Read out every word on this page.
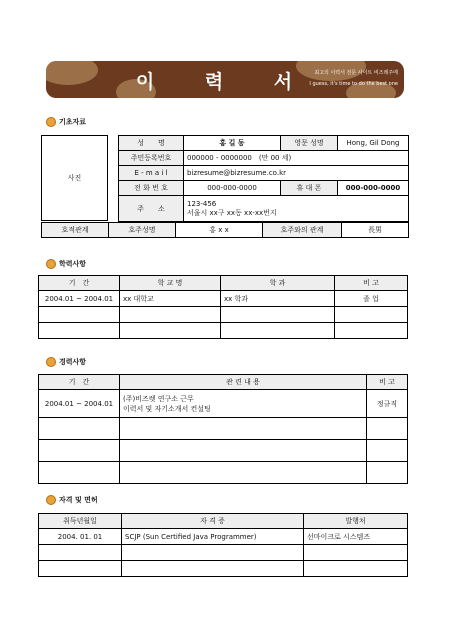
이 력 서 최고의 이력서 전문 사이트 비즈레주메
I guess, it's time to do the best one
기초자료
사진
성　　명	홍 길 동	영문 성명	Hong, Gil Dong
주민등록번호	000000 - 0000000　(만 00 세)		
E - m a i l	bizresume@bizresume.co.kr		
전 화 번 호	000-000-0000	휴 대 폰	000-000-0000
주　　소	123-456
서울시 xx구 xx동 xx-xx번지		
호적관계	호주성명	홍 x x	호주와의 관계	長男
학력사항
기　간	학 교 명	학 과	비 고
2004.01 ~ 2004.01	xx 대학교	xx 학과	졸 업

경력사항
기　간	관 련 내 용	비 고
2004.01 ~ 2004.01	(주)비즈렛 연구소 근무
이력서 및 자기소개서 컨설팅	정규직

자격 및 면허
취득년월일	자 격 증	발행처
2004. 01. 01	SCJP (Sun Certified Java Programmer)	선마이크로 시스템즈
